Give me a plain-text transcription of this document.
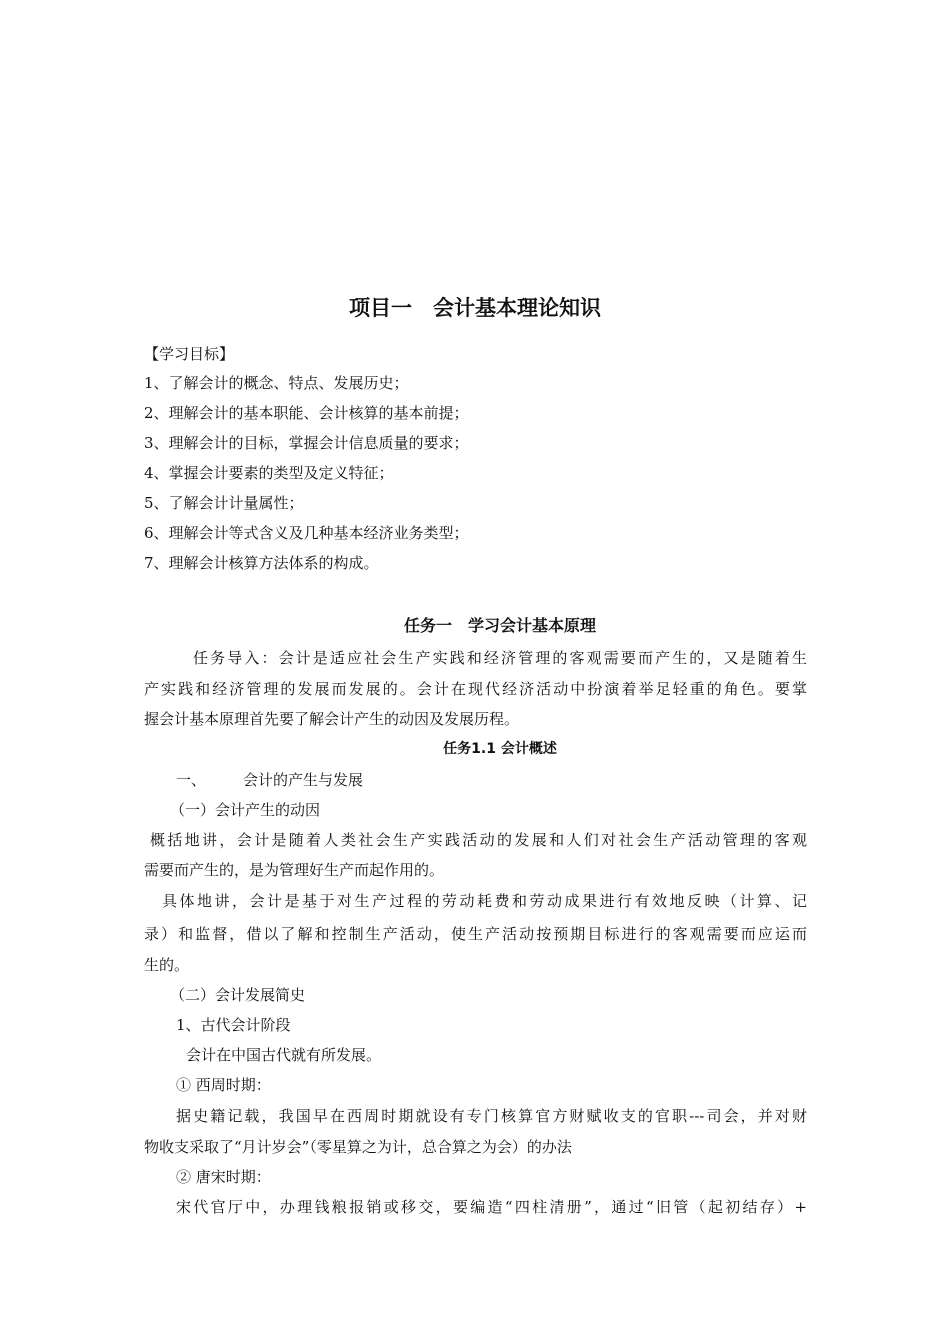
项目一　会计基本理论知识
【学习目标】
1、了解会计的概念、特点、发展历史；
2、理解会计的基本职能、会计核算的基本前提；
3、理解会计的目标，掌握会计信息质量的要求；
4、掌握会计要素的类型及定义特征；
5、了解会计计量属性；
6、理解会计等式含义及几种基本经济业务类型；
7、理解会计核算方法体系的构成。
任务一　学习会计基本原理
任务导入：会计是适应社会生产实践和经济管理的客观需要而产生的，又是随着生
产实践和经济管理的发展而发展的。会计在现代经济活动中扮演着举足轻重的角色。要掌
握会计基本原理首先要了解会计产生的动因及发展历程。
任务1.1 会计概述
一、 会计的产生与发展
（一）会计产生的动因
概括地讲，会计是随着人类社会生产实践活动的发展和人们对社会生产活动管理的客观
需要而产生的，是为管理好生产而起作用的。
具体地讲，会计是基于对生产过程的劳动耗费和劳动成果进行有效地反映（计算、记
录）和监督，借以了解和控制生产活动，使生产活动按预期目标进行的客观需要而应运而
生的。
（二）会计发展简史
1、古代会计阶段
会计在中国古代就有所发展。
① 西周时期：
据史籍记载，我国早在西周时期就设有专门核算官方财赋收支的官职---司会，并对财
物收支采取了“月计岁会”（零星算之为计，总合算之为会）的办法
② 唐宋时期：
宋代官厅中，办理钱粮报销或移交，要编造“四柱清册”，通过“旧管（起初结存）+
